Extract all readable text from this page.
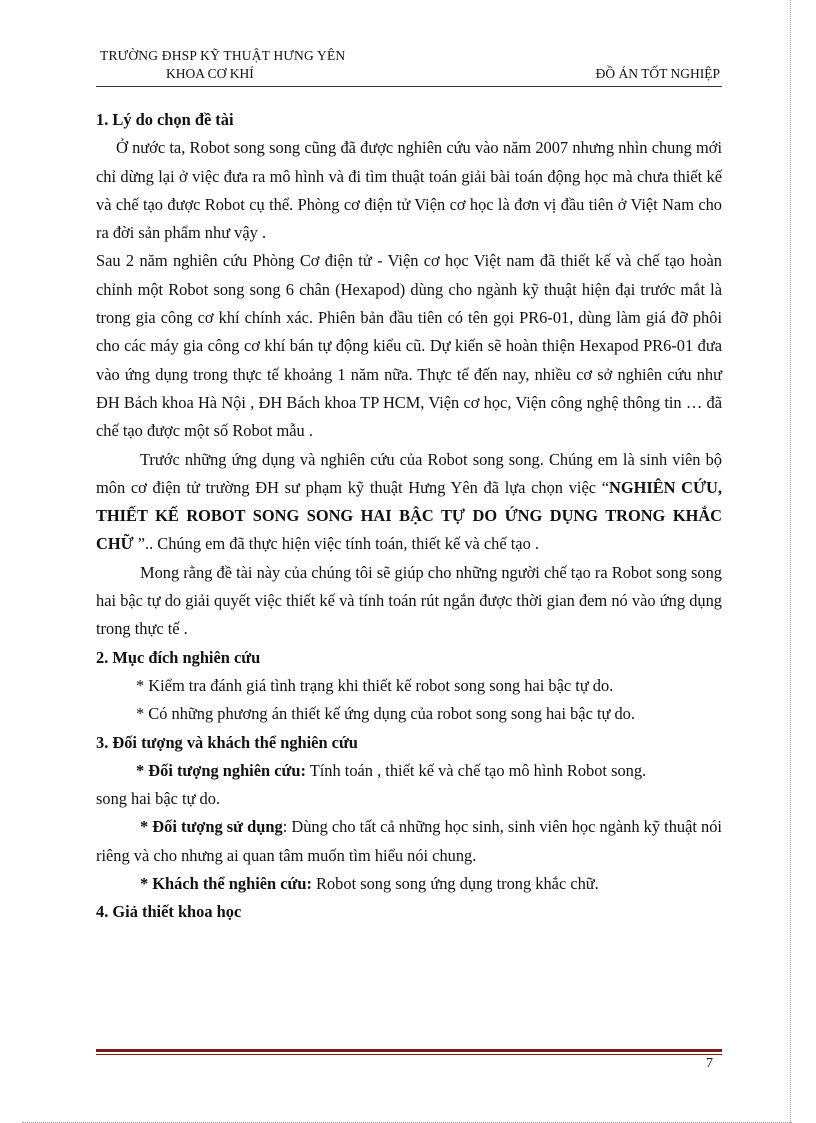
TRƯỜNG ĐHSP KỸ THUẬT HƯNG YÊN
KHOA CƠ KHÍ	ĐỒ ÁN TỐT NGHIỆP

1. Lý do chọn đề tài

Ở nước ta, Robot song song cũng đã được nghiên cứu vào năm 2007 nhưng nhìn chung mới chỉ dừng lại ở việc đưa ra mô hình và đi tìm thuật toán giải bài toán động học mà chưa thiết kế và chế tạo được Robot cụ thể. Phòng cơ điện tử Viện cơ học là đơn vị đầu tiên ở Việt Nam cho ra đời sản phẩm như vậy .

Sau 2 năm nghiên cứu Phòng Cơ điện tử - Viện cơ học Việt nam đã thiết kế và chế tạo hoàn chỉnh một Robot song song 6 chân (Hexapod) dùng cho ngành kỹ thuật hiện đại trước mắt là trong gia công cơ khí chính xác. Phiên bản đầu tiên có tên gọi PR6-01, dùng làm giá đỡ phôi cho các máy gia công cơ khí bán tự động kiểu cũ. Dự kiến sẽ hoàn thiện Hexapod PR6-01 đưa vào ứng dụng trong thực tế khoảng 1 năm nữa. Thực tế đến nay, nhiều cơ sở nghiên cứu như ĐH Bách khoa Hà Nội , ĐH Bách khoa TP HCM, Viện cơ học, Viện công nghệ thông tin … đã chế tạo được một số Robot mẫu .

Trước những ứng dụng và nghiên cứu của Robot song song. Chúng em là sinh viên bộ môn cơ điện tử trường ĐH sư phạm kỹ thuật Hưng Yên đã lựa chọn việc “NGHIÊN CỨU, THIẾT KẾ ROBOT SONG SONG HAI BẬC TỰ DO ỨNG DỤNG TRONG KHẮC CHỮ ”.. Chúng em đã thực hiện việc tính toán, thiết kế và chế tạo .

Mong rằng đề tài này của chúng tôi sẽ giúp cho những người chế tạo ra Robot song song hai bậc tự do giải quyết việc thiết kế và tính toán rút ngắn được thời gian đem nó vào ứng dụng trong thực tế .

2. Mục đích nghiên cứu

* Kiểm tra đánh giá tình trạng khi thiết kế robot song song hai bậc tự do.

* Có những phương án thiết kế ứng dụng của robot song song hai bậc tự do.

3. Đối tượng và khách thể nghiên cứu

* Đối tượng nghiên cứu: Tính toán , thiết kế và chế tạo mô hình Robot song.

song hai bậc tự do.

* Đối tượng sử dụng: Dùng cho tất cả những học sinh, sinh viên học ngành kỹ thuật nói riêng và cho nhưng ai quan tâm muốn tìm hiểu nói chung.

* Khách thể nghiên cứu: Robot song song ứng dụng trong khắc chữ.

4. Giả thiết khoa học

7
